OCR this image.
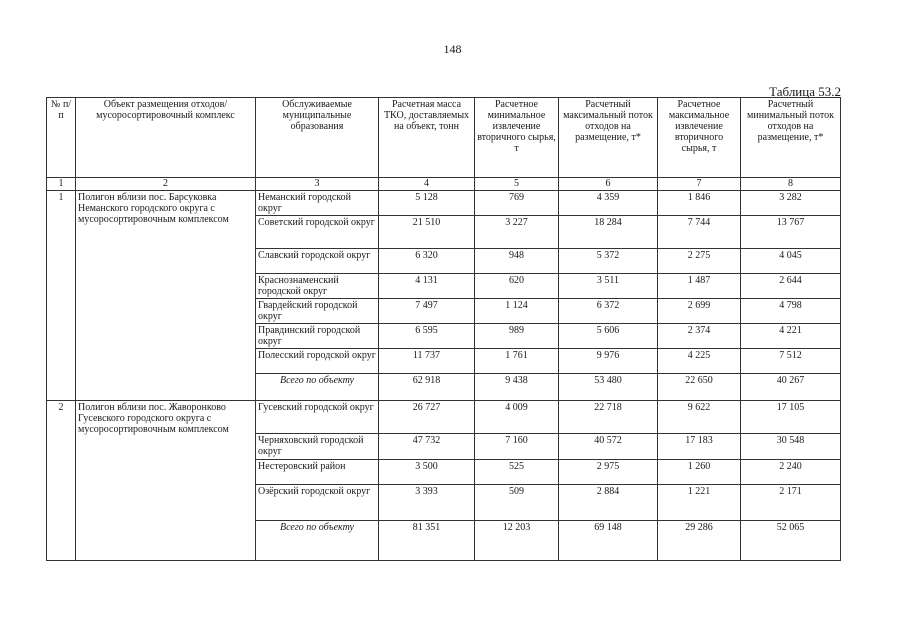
148
Таблица 53.2
№ п/п	Объект размещения отходов/ мусоросортировочный комплекс	Обслуживаемые муниципальные образования	Расчетная масса ТКО, доставляемых на объект, тонн	Расчетное минимальное извлечение вторичного сырья, т	Расчетный максимальный поток отходов на размещение, т*	Расчетное максимальное извлечение вторичного сырья, т	Расчетный минимальный поток отходов на размещение, т*
1	2	3	4	5	6	7	8
1	Полигон вблизи пос. Барсуковка Неманского городского округа с мусоросортировочным комплексом	Неманский городской округ	5 128	769	4 359	1 846	3 282
		Советский городской округ	21 510	3 227	18 284	7 744	13 767
		Славский городской округ	6 320	948	5 372	2 275	4 045
		Краснознаменский городской округ	4 131	620	3 511	1 487	2 644
		Гвардейский городской округ	7 497	1 124	6 372	2 699	4 798
		Правдинский городской округ	6 595	989	5 606	2 374	4 221
		Полесский городской округ	11 737	1 761	9 976	4 225	7 512
		Всего по объекту	62 918	9 438	53 480	22 650	40 267
2	Полигон вблизи пос. Жаворонково Гусевского городского округа с мусоросортировочным комплексом	Гусевский городской округ	26 727	4 009	22 718	9 622	17 105
		Черняховский городской округ	47 732	7 160	40 572	17 183	30 548
		Нестеровский район	3 500	525	2 975	1 260	2 240
		Озёрский городской округ	3 393	509	2 884	1 221	2 171
		Всего по объекту	81 351	12 203	69 148	29 286	52 065
